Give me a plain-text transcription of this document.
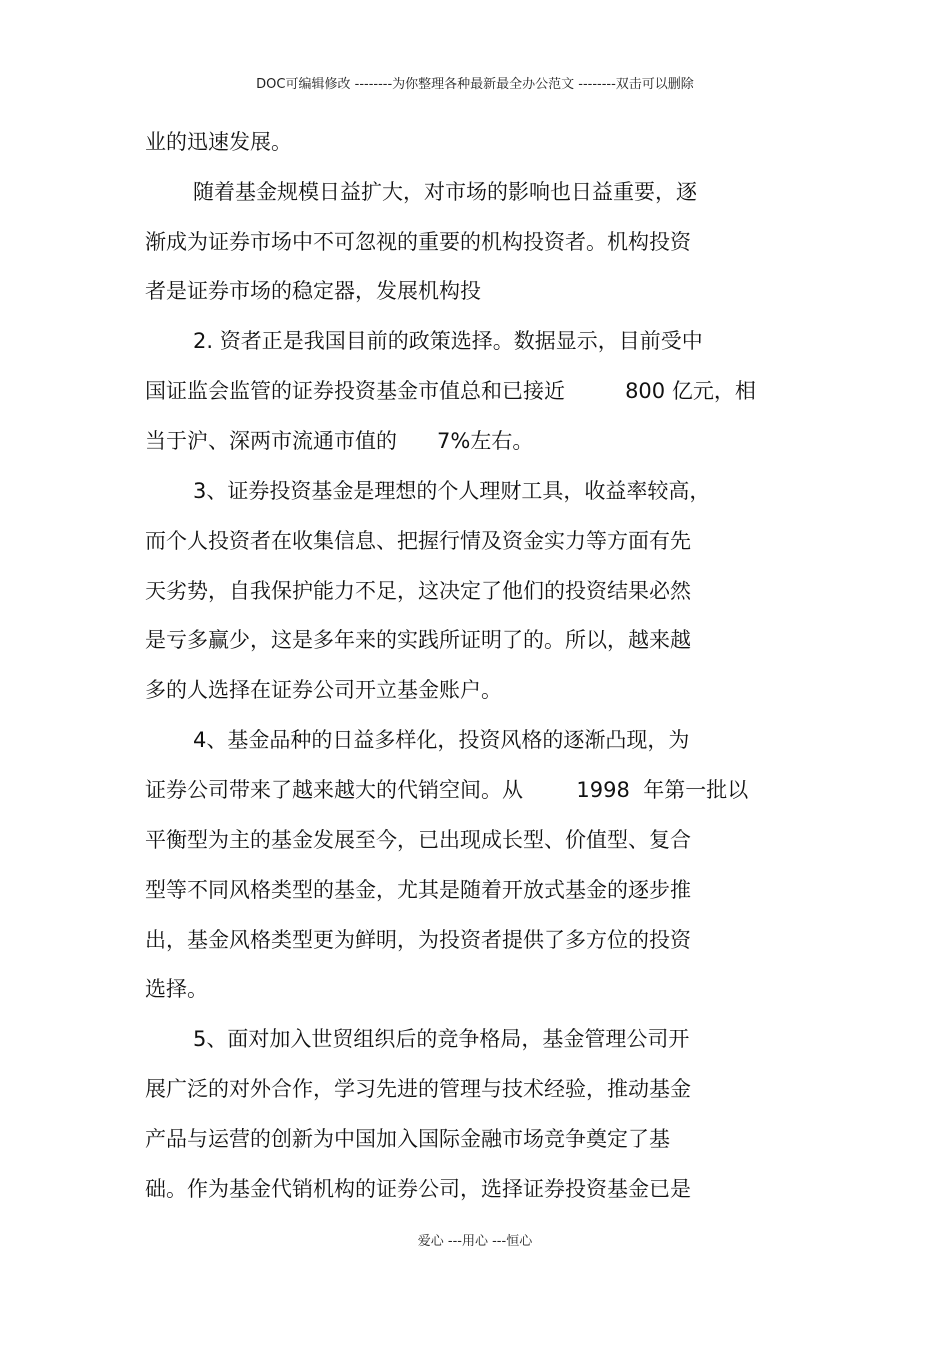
DOC可编辑修改 --------为你整理各种最新最全办公范文 --------双击可以删除
业的迅速发展。
随着基金规模日益扩大，对市场的影响也日益重要，逐
渐成为证券市场中不可忽视的重要的机构投资者。机构投资
者是证券市场的稳定器，发展机构投
2. 资者正是我国目前的政策选择。数据显示，目前受中
国证监会监管的证券投资基金市值总和已接近         800 亿元，相
当于沪、深两市流通市值的      7%左右。
3、证券投资基金是理想的个人理财工具，收益率较高，
而个人投资者在收集信息、把握行情及资金实力等方面有先
天劣势，自我保护能力不足，这决定了他们的投资结果必然
是亏多赢少，这是多年来的实践所证明了的。所以，越来越
多的人选择在证券公司开立基金账户。
4、基金品种的日益多样化，投资风格的逐渐凸现，为
证券公司带来了越来越大的代销空间。从        1998  年第一批以
平衡型为主的基金发展至今，已出现成长型、价值型、复合
型等不同风格类型的基金，尤其是随着开放式基金的逐步推
出，基金风格类型更为鲜明，为投资者提供了多方位的投资
选择。
5、面对加入世贸组织后的竞争格局，基金管理公司开
展广泛的对外合作，学习先进的管理与技术经验，推动基金
产品与运营的创新为中国加入国际金融市场竞争奠定了基
础。作为基金代销机构的证券公司，选择证券投资基金已是
爱心 ---用心 ---恒心
